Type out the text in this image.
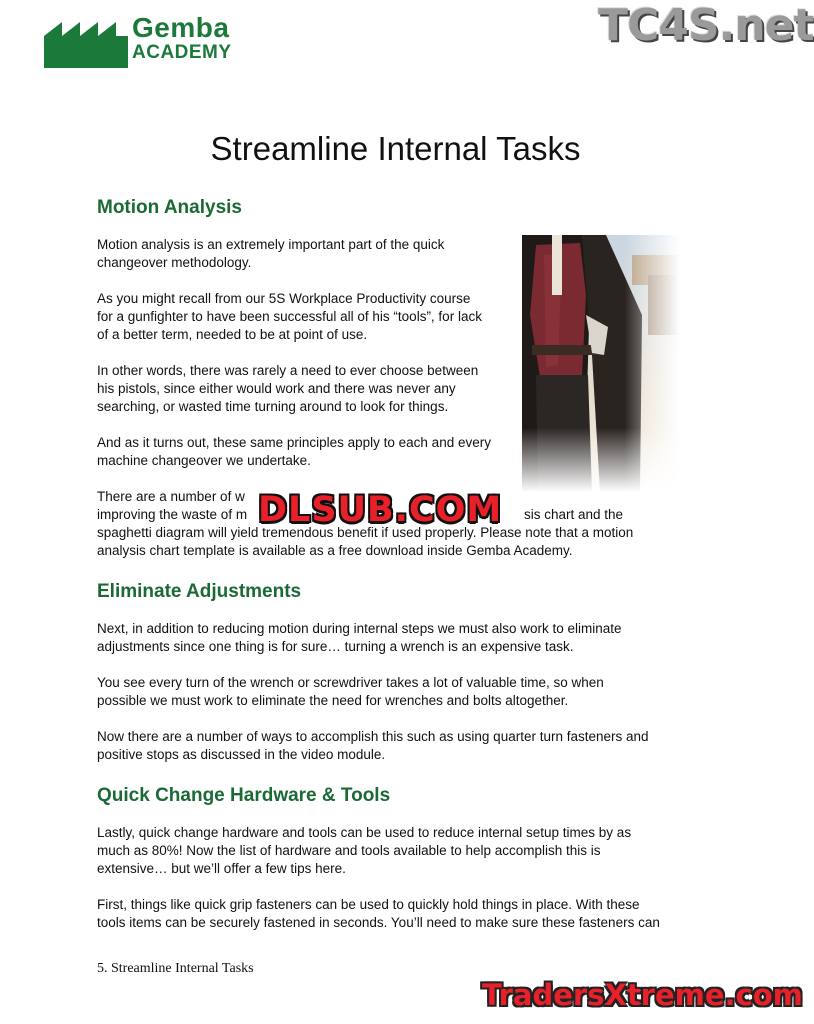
Gemba
ACADEMY
TC4S.net
Streamline Internal Tasks
Motion Analysis
Motion analysis is an extremely important part of the quick
changeover methodology.
As you might recall from our 5S Workplace Productivity course
for a gunfighter to have been successful all of his “tools”, for lack
of a better term, needed to be at point of use.
In other words, there was rarely a need to ever choose between
his pistols, since either would work and there was never any
searching, or wasted time turning around to look for things.
And as it turns out, these same principles apply to each and every
machine changeover we undertake.
There are a number of w
improving the waste of m	sis chart and the
spaghetti diagram will yield tremendous benefit if used properly. Please note that a motion
analysis chart template is available as a free download inside Gemba Academy.
DLSUB.COM
Eliminate Adjustments
Next, in addition to reducing motion during internal steps we must also work to eliminate
adjustments since one thing is for sure… turning a wrench is an expensive task.
You see every turn of the wrench or screwdriver takes a lot of valuable time, so when
possible we must work to eliminate the need for wrenches and bolts altogether.
Now there are a number of ways to accomplish this such as using quarter turn fasteners and
positive stops as discussed in the video module.
Quick Change Hardware & Tools
Lastly, quick change hardware and tools can be used to reduce internal setup times by as
much as 80%! Now the list of hardware and tools available to help accomplish this is
extensive… but we’ll offer a few tips here.
First, things like quick grip fasteners can be used to quickly hold things in place. With these
tools items can be securely fastened in seconds. You’ll need to make sure these fasteners can
5. Streamline Internal Tasks
TradersXtreme.com
